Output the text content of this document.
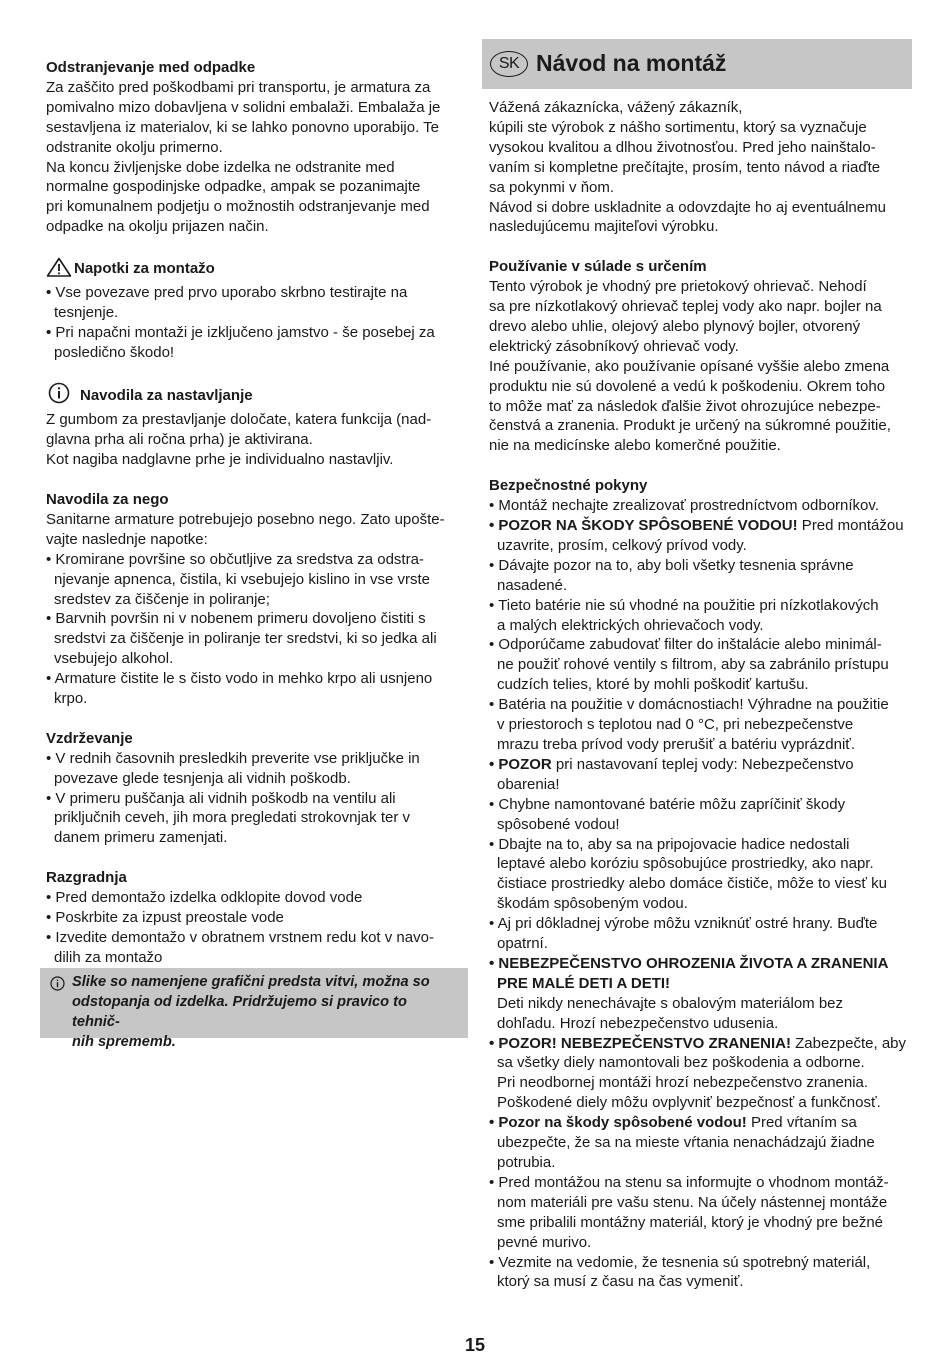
Odstranjevanje med odpadke

Za zaščito pred poškodbami pri transportu, je armatura za

pomivalno mizo dobavljena v solidni embalaži. Embalaža je

sestavljena iz materialov, ki se lahko ponovno uporabijo. Te

odstranite okolju primerno.

Na koncu življenjske dobe izdelka ne odstranite med

normalne gospodinjske odpadke, ampak se pozanimajte

pri komunalnem podjetju o možnostih odstranjevanje med

odpadke na okolju prijazen način.

Napotki za montažo

• • Vse povezave pred prvo uporabo skrbno testirajte na

tesnjenje.

• • Pri napačni montaži je izključeno jamstvo - še posebej za

posledično škodo!

Navodila za nastavljanje

Z gumbom za prestavljanje določate, katera funkcija (nad-

glavna prha ali ročna prha) je aktivirana.

Kot nagiba nadglavne prhe je individualno nastavljiv.

Navodila za nego

Sanitarne armature potrebujejo posebno nego. Zato upošte-

vajte naslednje napotke:

• Kromirane površine so občutljive za sredstva za odstra-

njevanje apnenca, čistila, ki vsebujejo kislino in vse vrste

sredstev za čiščenje in poliranje;

• Barvnih površin ni v nobenem primeru dovoljeno čistiti s

sredstvi za čiščenje in poliranje ter sredstvi, ki so jedka ali

vsebujejo alkohol.

• Armature čistite le s čisto vodo in mehko krpo ali usnjeno

krpo.

Vzdrževanje

• V rednih časovnih presledkih preverite vse priključke in

povezave glede tesnjenja ali vidnih poškodb.

• V primeru puščanja ali vidnih poškodb na ventilu ali

priključnih ceveh, jih mora pregledati strokovnjak ter v

danem primeru zamenjati.

Razgradnja

• Pred demontažo izdelka odklopite dovod vode

• Poskrbite za izpust preostale vode

• Izvedite demontažo v obratnem vrstnem redu kot v navo-

dilih za montažo

Slike so namenjene grafični predsta vitvi, možna so

odstopanja od izdelka. Pridržujemo si pravico to tehnič-

nih sprememb.

SK Návod na montáž

Vážená zákaznícka, vážený zákazník,

kúpili ste výrobok z nášho sortimentu, ktorý sa vyznačuje

vysokou kvalitou a dlhou životnosťou. Pred jeho nainštalo-

vaním si kompletne prečítajte, prosím, tento návod a riaďte

sa pokynmi v ňom.

Návod si dobre uskladnite a odovzdajte ho aj eventuálnemu

nasledujúcemu majiteľovi výrobku.

Používanie v súlade s určením

Tento výrobok je vhodný pre prietokový ohrievač. Nehodí

sa pre nízkotlakový ohrievač teplej vody ako napr. bojler na

drevo alebo uhlie, olejový alebo plynový bojler, otvorený

elektrický zásobníkový ohrievač vody.

Iné používanie, ako používanie opísané vyššie alebo zmena

produktu nie sú dovolené a vedú k poškodeniu. Okrem toho

to môže mať za následok ďalšie život ohrozujúce nebezpe-

čenstvá a zranenia. Produkt je určený na súkromné použitie,

nie na medicínske alebo komerčné použitie.

Bezpečnostné pokyny

• Montáž nechajte zrealizovať prostredníctvom odborníkov.

• POZOR NA ŠKODY SPÔSOBENÉ VODOU! Pred montážou

uzavrite, prosím, celkový prívod vody.

• Dávajte pozor na to, aby boli všetky tesnenia správne

nasadené.

• Tieto batérie nie sú vhodné na použitie pri nízkotlakových

a malých elektrických ohrievačoch vody.

• Odporúčame zabudovať filter do inštalácie alebo minimál-

ne použiť rohové ventily s filtrom, aby sa zabránilo prístupu

cudzích telies, ktoré by mohli poškodiť kartušu.

• Batéria na použitie v domácnostiach! Výhradne na použitie

v priestoroch s teplotou nad 0 °C, pri nebezpečenstve

mrazu treba prívod vody prerušiť a batériu vyprázdniť.

• POZOR pri nastavovaní teplej vody: Nebezpečenstvo

obarenia!

• Chybne namontované batérie môžu zapríčiniť škody

spôsobené vodou!

• Dbajte na to, aby sa na pripojovacie hadice nedostali

leptavé alebo koróziu spôsobujúce prostriedky, ako napr.

čistiace prostriedky alebo domáce čističe, môže to viesť ku

škodám spôsobeným vodou.

• Aj pri dôkladnej výrobe môžu vzniknúť ostré hrany. Buďte

opatrní.

• NEBEZPEČENSTVO OHROZENIA ŽIVOTA A ZRANENIA

PRE MALÉ DETI A DETI!

Deti nikdy nenechávajte s obalovým materiálom bez

dohľadu. Hrozí nebezpečenstvo udusenia.

• POZOR! NEBEZPEČENSTVO ZRANENIA! Zabezpečte, aby

sa všetky diely namontovali bez poškodenia a odborne.

Pri neodbornej montáži hrozí nebezpečenstvo zranenia.

Poškodené diely môžu ovplyvniť bezpečnosť a funkčnosť.

• Pozor na škody spôsobené vodou! Pred vŕtaním sa

ubezpečte, že sa na mieste vŕtania nenachádzajú žiadne

potrubia.

• Pred montážou na stenu sa informujte o vhodnom montáž-

nom materiáli pre vašu stenu. Na účely nástennej montáže

sme pribalili montážny materiál, ktorý je vhodný pre bežné

pevné murivo.

• Vezmite na vedomie, že tesnenia sú spotrebný materiál,

ktorý sa musí z času na čas vymeniť.

15
